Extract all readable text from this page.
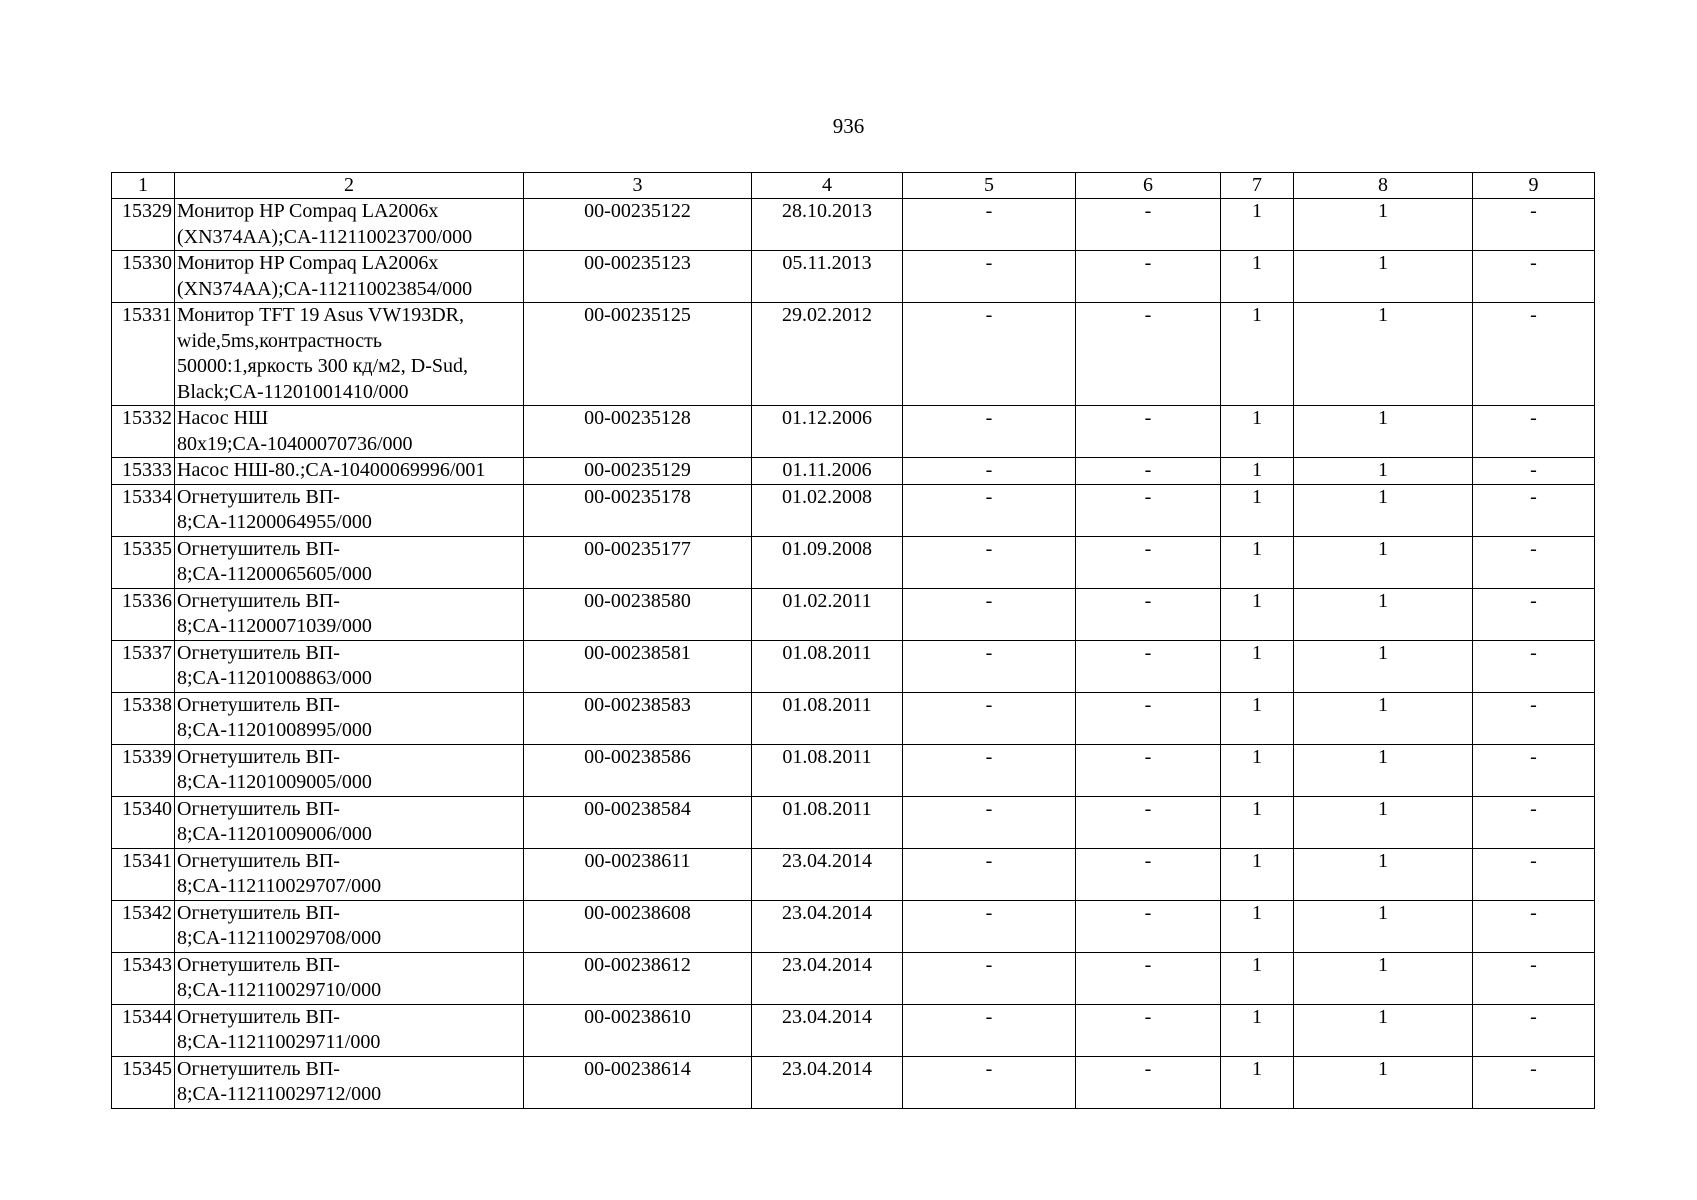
936
1	2	3	4	5	6	7	8	9
15329	Монитор HP Compaq LA2006x
(XN374AA);CA-112110023700/000	00-00235122	28.10.2013	-	-	1	1	-
15330	Монитор HP Compaq LA2006x
(XN374AA);CA-112110023854/000	00-00235123	05.11.2013	-	-	1	1	-
15331	Монитор TFT 19 Asus VW193DR,
wide,5ms,контрастность
50000:1,яркость 300 кд/м2, D-Sud,
Black;CA-11201001410/000	00-00235125	29.02.2012	-	-	1	1	-
15332	Насос НШ
80x19;CA-10400070736/000	00-00235128	01.12.2006	-	-	1	1	-
15333	Насос НШ-80.;CA-10400069996/001	00-00235129	01.11.2006	-	-	1	1	-
15334	Огнетушитель ВП-
8;CA-11200064955/000	00-00235178	01.02.2008	-	-	1	1	-
15335	Огнетушитель ВП-
8;CA-11200065605/000	00-00235177	01.09.2008	-	-	1	1	-
15336	Огнетушитель ВП-
8;CA-11200071039/000	00-00238580	01.02.2011	-	-	1	1	-
15337	Огнетушитель ВП-
8;CA-11201008863/000	00-00238581	01.08.2011	-	-	1	1	-
15338	Огнетушитель ВП-
8;CA-11201008995/000	00-00238583	01.08.2011	-	-	1	1	-
15339	Огнетушитель ВП-
8;CA-11201009005/000	00-00238586	01.08.2011	-	-	1	1	-
15340	Огнетушитель ВП-
8;CA-11201009006/000	00-00238584	01.08.2011	-	-	1	1	-
15341	Огнетушитель ВП-
8;CA-112110029707/000	00-00238611	23.04.2014	-	-	1	1	-
15342	Огнетушитель ВП-
8;CA-112110029708/000	00-00238608	23.04.2014	-	-	1	1	-
15343	Огнетушитель ВП-
8;CA-112110029710/000	00-00238612	23.04.2014	-	-	1	1	-
15344	Огнетушитель ВП-
8;CA-112110029711/000	00-00238610	23.04.2014	-	-	1	1	-
15345	Огнетушитель ВП-
8;CA-112110029712/000	00-00238614	23.04.2014	-	-	1	1	-
